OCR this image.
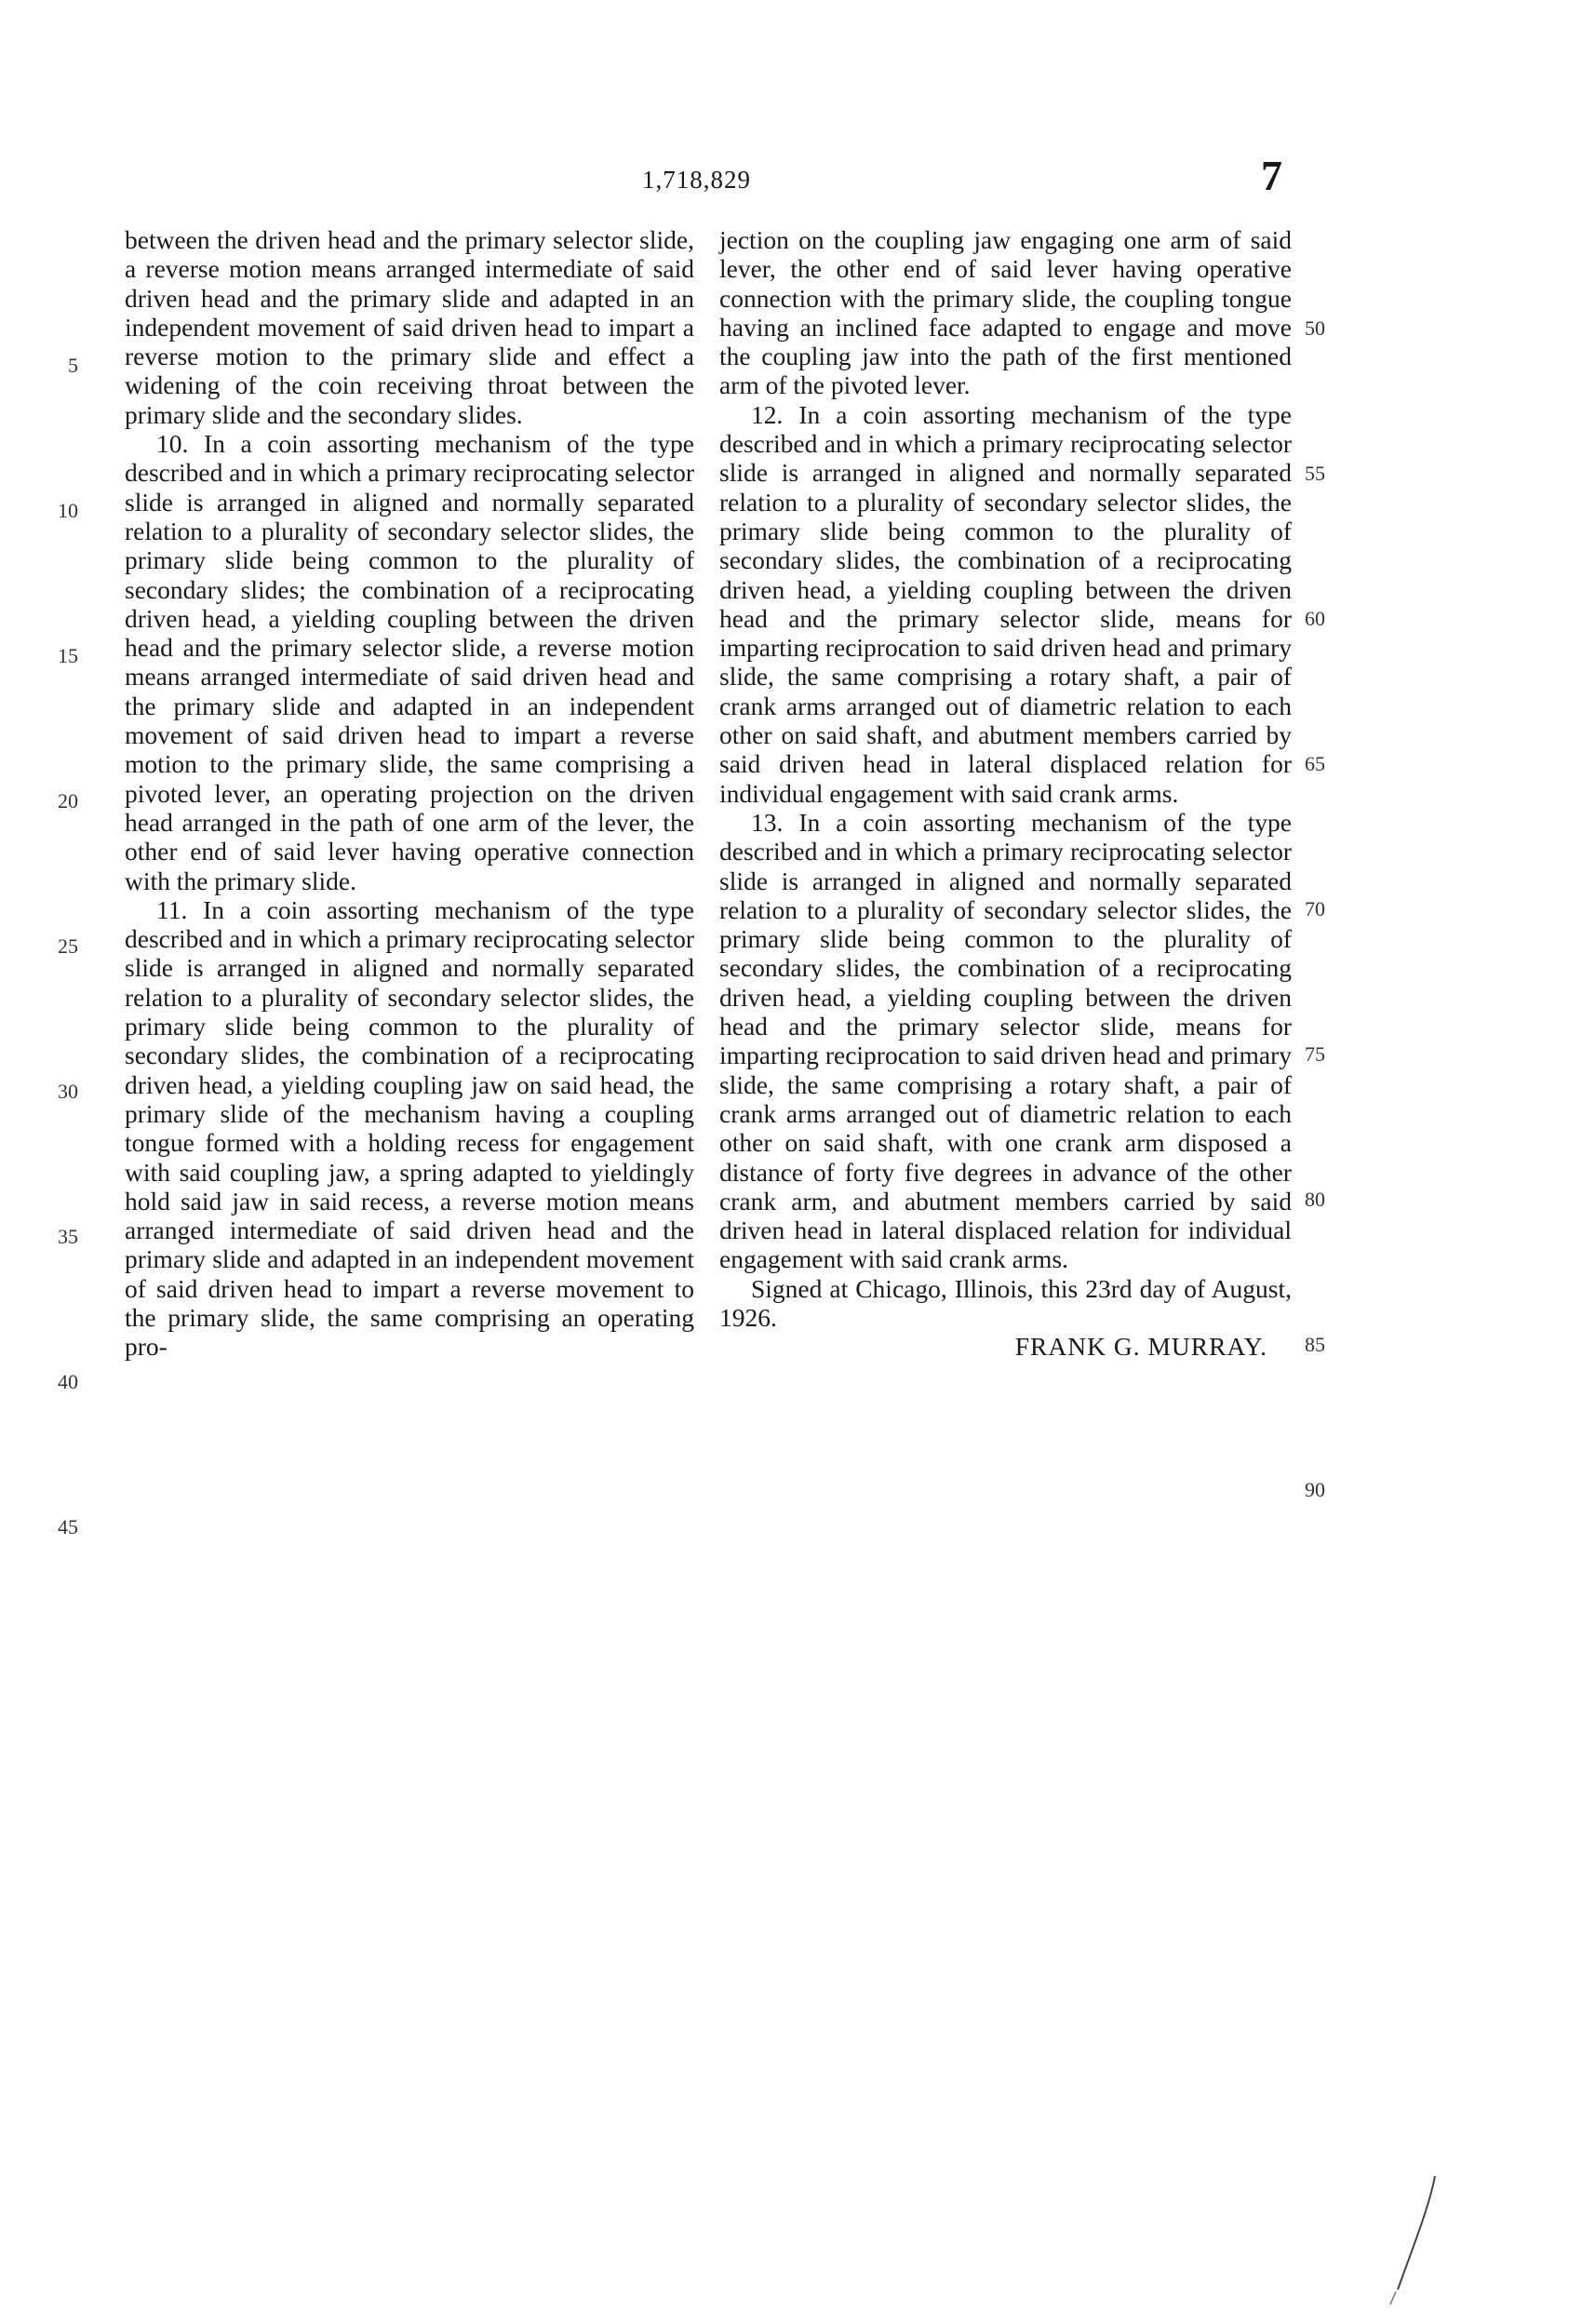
1,718,829	7

between the driven head and the primary selector slide, a reverse motion means arranged intermediate of said driven head and the primary slide and adapted in an independent movement of said driven head to impart a reverse motion to the primary slide and effect a widening of the coin receiving throat between the primary slide and the secondary slides.

10. In a coin assorting mechanism of the type described and in which a primary reciprocating selector slide is arranged in aligned and normally separated relation to a plurality of secondary selector slides, the primary slide being common to the plurality of secondary slides; the combination of a reciprocating driven head, a yielding coupling between the driven head and the primary selector slide, a reverse motion means arranged intermediate of said driven head and the primary slide and adapted in an independent movement of said driven head to impart a reverse motion to the primary slide, the same comprising a pivoted lever, an operating projection on the driven head arranged in the path of one arm of the lever, the other end of said lever having operative connection with the primary slide.

11. In a coin assorting mechanism of the type described and in which a primary reciprocating selector slide is arranged in aligned and normally separated relation to a plurality of secondary selector slides, the primary slide being common to the plurality of secondary slides, the combination of a reciprocating driven head, a yielding coupling jaw on said head, the primary slide of the mechanism having a coupling tongue formed with a holding recess for engagement with said coupling jaw, a spring adapted to yieldingly hold said jaw in said recess, a reverse motion means arranged intermediate of said driven head and the primary slide and adapted in an independent movement of said driven head to impart a reverse movement to the primary slide, the same comprising an operating pro-

jection on the coupling jaw engaging one arm of said lever, the other end of said lever having operative connection with the primary slide, the coupling tongue having an inclined face adapted to engage and move the coupling jaw into the path of the first mentioned arm of the pivoted lever.

12. In a coin assorting mechanism of the type described and in which a primary reciprocating selector slide is arranged in aligned and normally separated relation to a plurality of secondary selector slides, the primary slide being common to the plurality of secondary slides, the combination of a reciprocating driven head, a yielding coupling between the driven head and the primary selector slide, means for imparting reciprocation to said driven head and primary slide, the same comprising a rotary shaft, a pair of crank arms arranged out of diametric relation to each other on said shaft, and abutment members carried by said driven head in lateral displaced relation for individual engagement with said crank arms.

13. In a coin assorting mechanism of the type described and in which a primary reciprocating selector slide is arranged in aligned and normally separated relation to a plurality of secondary selector slides, the primary slide being common to the plurality of secondary slides, the combination of a reciprocating driven head, a yielding coupling between the driven head and the primary selector slide, means for imparting reciprocation to said driven head and primary slide, the same comprising a rotary shaft, a pair of crank arms arranged out of diametric relation to each other on said shaft, with one crank arm disposed a distance of forty five degrees in advance of the other crank arm, and abutment members carried by said driven head in lateral displaced relation for individual engagement with said crank arms.

Signed at Chicago, Illinois, this 23rd day of August, 1926.

FRANK G. MURRAY.
5
10
15
20
25
30
35
40
45
50
55
60
65
70
75
80
85
90
